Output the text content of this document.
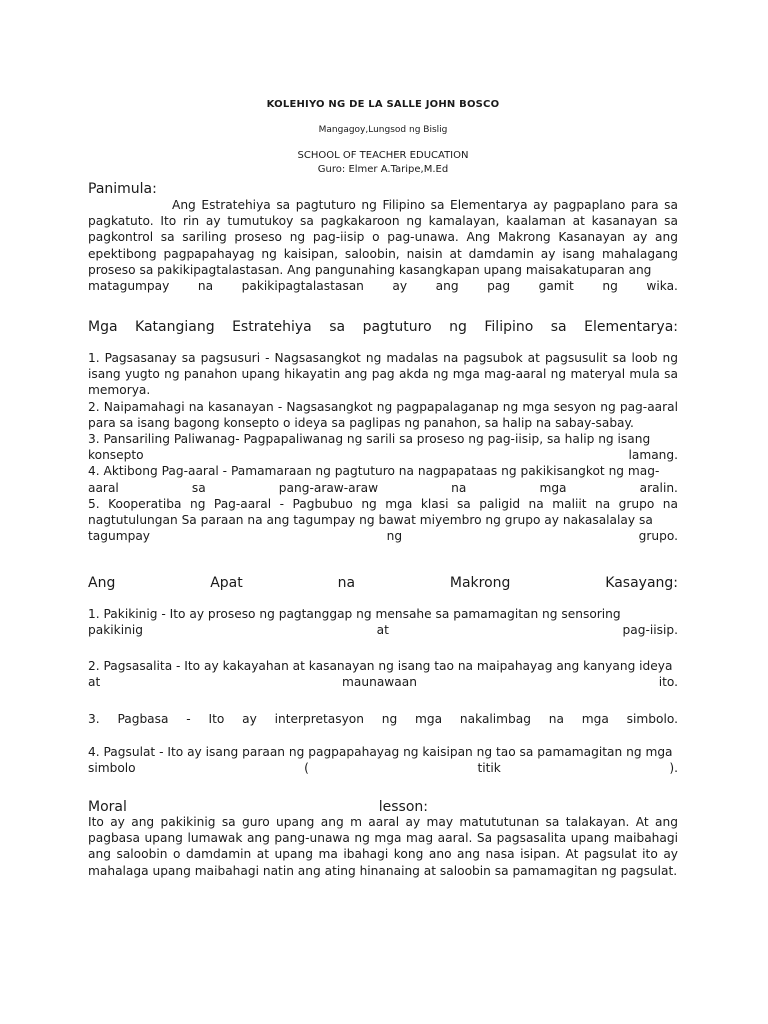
KOLEHIYO NG DE LA SALLE JOHN BOSCO
Mangagoy,Lungsod ng Bislig
SCHOOL OF TEACHER EDUCATION
Guro: Elmer A.Taripe,M.Ed
Panimula:

Ang Estratehiya sa pagtuturo ng Filipino sa Elementarya ay pagpaplano para sa pagkatuto. Ito rin ay tumutukoy sa pagkakaroon ng kamalayan, kaalaman at kasanayan sa pagkontrol sa sariling proseso ng pag-iisip o pag-unawa. Ang Makrong Kasanayan ay ang epektibong pagpapahayag ng kaisipan, saloobin, naisin at damdamin ay isang mahalagang proseso sa pakikipagtalastasan. Ang pangunahing kasangkapan upang maisakatuparan ang

matagumpay na pakikipagtalastasan ay ang pag gamit ng wika.
Mga Katangiang Estratehiya sa pagtuturo ng Filipino sa Elementarya:

1. Pagsasanay sa pagsusuri - Nagsasangkot ng madalas na pagsubok at pagsusulit sa loob ng isang yugto ng panahon upang hikayatin ang pag akda ng mga mag-aaral ng materyal mula sa memorya.

2. Naipamahagi na kasanayan - Nagsasangkot ng pagpapalaganap ng mga sesyon ng pag-aaral para sa isang bagong konsepto o ideya sa paglipas ng panahon, sa halip na sabay-sabay.

3. Pansariling Paliwanag- Pagpapaliwanag ng sarili sa proseso ng pag-iisip, sa halip ng isang

konsepto	lamang.

4. Aktibong Pag-aaral - Pamamaraan ng pagtuturo na nagpapataas ng pakikisangkot ng mag-

aaral	sa	pang-araw-araw	na	mga	aralin.

5. Kooperatiba ng Pag-aaral - Pagbubuo ng mga klasi sa paligid na maliit na grupo na nagtutulungan Sa paraan na ang tagumpay ng bawat miyembro ng grupo ay nakasalalay sa

tagumpay	ng	grupo.
Ang	Apat	na	Makrong	Kasayang:

1. Pakikinig - Ito ay proseso ng pagtanggap ng mensahe sa pamamagitan ng sensoring

pakikinig	at	pag-iisip.

2. Pagsasalita - Ito ay kakayahan at kasanayan ng isang tao na maipahayag ang kanyang ideya

at	maunawaan	ito.
3. Pagbasa - Ito ay interpretasyon ng mga nakalimbag na mga simbolo.

4. Pagsulat - Ito ay isang paraan ng pagpapahayag ng kaisipan ng tao sa pamamagitan ng mga

simbolo	(	titik	).
Moral	lesson:
Ito ay ang pakikinig sa guro upang ang m aaral ay may matututunan sa talakayan. At ang pagbasa upang lumawak ang pang-unawa ng mga mag aaral. Sa pagsasalita upang maibahagi ang saloobin o damdamin at upang ma ibahagi kong ano ang nasa isipan. At pagsulat ito ay mahalaga upang maibahagi natin ang ating hinanaing at saloobin sa pamamagitan ng pagsulat.
